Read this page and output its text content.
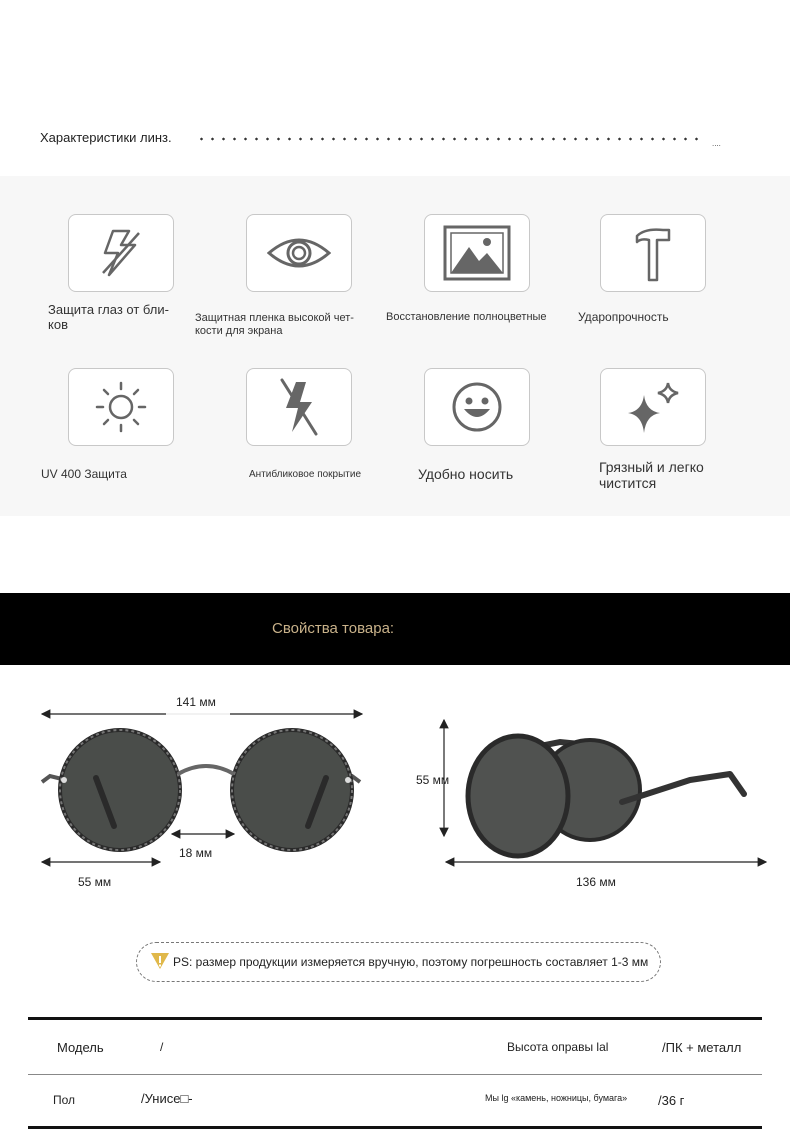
Характеристики линз.	....
Защита глаз от бли-
ков	Защитная пленка высокой чет-
кости для экрана
Восстановление полноцветные	Ударопрочность
UV 400 Защита	Антибликовое покрытие	Удобно носить	Грязный и легко
чистится
Свойства товара:
141 мм
18 мм
55 мм
55 мм
136 мм
PS: размер продукции измеряется вручную, поэтому погрешность составляет 1-3 мм
Модель	/	Высота оправы lal	/ПК + металл
Пол	/Унисе□-	Мы lg «камень, ножницы, бумага» /36 г
